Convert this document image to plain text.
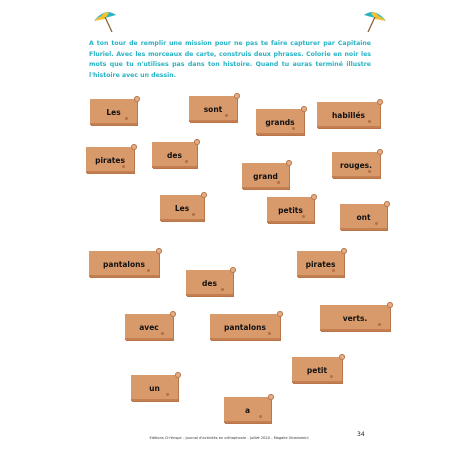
A ton tour de remplir une mission pour ne pas te faire capturer par Capitaine Fluriel. Avec les morceaux de carte, construis deux phrases. Colorie en noir les mots que tu n'utilises pas dans ton histoire. Quand tu auras terminé illustre l'histoire avec un dessin.
Les	sont
habillés
grands
des
pirates
rouges.
grand
Les	petits
ont
pantalons	pirates
des
verts.
avec	pantalons
petit
un
a
Editions Ch'tinspir - Journal d'activités en orthophonie - Juillet 2020 - Magalie Vicedomini	34
